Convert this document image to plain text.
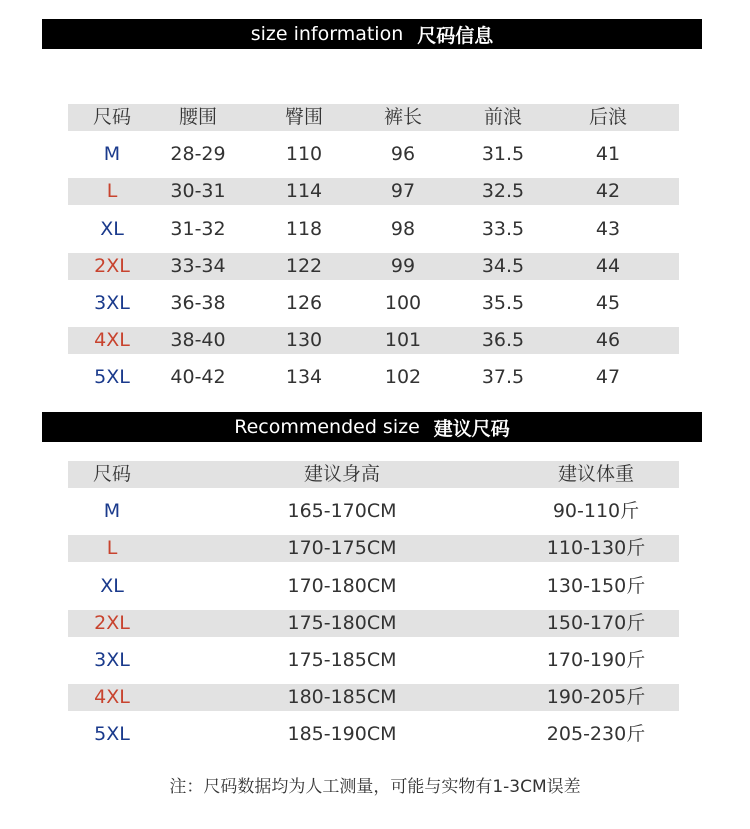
size information 尺码信息
尺码	腰围	臀围	裤长	前浪	后浪
M	28-29	110	96	31.5	41
L	30-31	114	97	32.5	42
XL 31-32	118	98	33.5	43
2XL 33-34	122	99	34.5	44
3XL 36-38	126	100	35.5	45
4XL 38-40	130	101	36.5	46
5XL 40-42	134	102	37.5	47
Recommended size 建议尺码
尺码	建议身高	建议体重
M	165-170CM	90-110斤
L	170-175CM	110-130斤
XL	170-180CM	130-150斤
2XL	175-180CM	150-170斤
3XL	175-185CM	170-190斤
4XL	180-185CM	190-205斤
5XL	185-190CM	205-230斤
注：尺码数据均为人工测量，可能与实物有1-3CM误差
